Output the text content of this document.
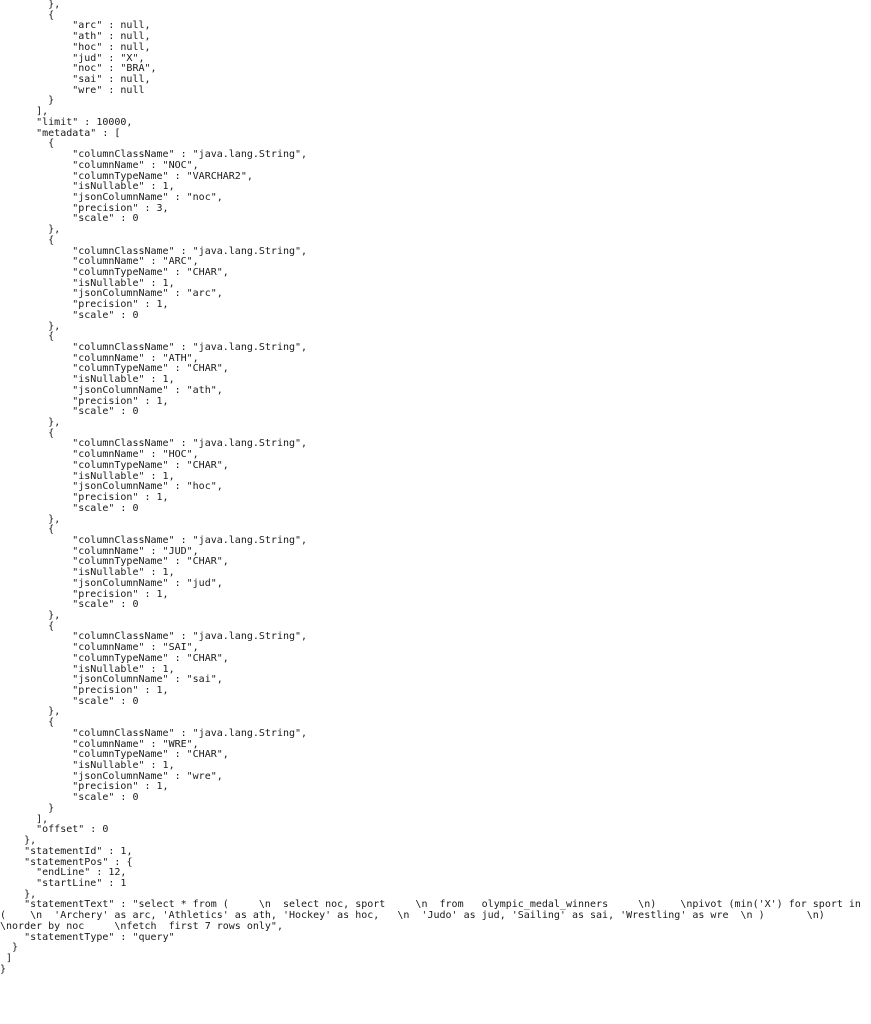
},
{
"arc" : null,
"ath" : null,
"hoc" : null,
"jud" : "X",
"noc" : "BRA",
"sai" : null,
"wre" : null
}
],
"limit" : 10000,
"metadata" : [
{
"columnClassName" : "java.lang.String",
"columnName" : "NOC",
"columnTypeName" : "VARCHAR2",
"isNullable" : 1,
"jsonColumnName" : "noc",
"precision" : 3,
"scale" : 0
},
{
"columnClassName" : "java.lang.String",
"columnName" : "ARC",
"columnTypeName" : "CHAR",
"isNullable" : 1,
"jsonColumnName" : "arc",
"precision" : 1,
"scale" : 0
},
{
"columnClassName" : "java.lang.String",
"columnName" : "ATH",
"columnTypeName" : "CHAR",
"isNullable" : 1,
"jsonColumnName" : "ath",
"precision" : 1,
"scale" : 0
},
{
"columnClassName" : "java.lang.String",
"columnName" : "HOC",
"columnTypeName" : "CHAR",
"isNullable" : 1,
"jsonColumnName" : "hoc",
"precision" : 1,
"scale" : 0
},
{
"columnClassName" : "java.lang.String",
"columnName" : "JUD",
"columnTypeName" : "CHAR",
"isNullable" : 1,
"jsonColumnName" : "jud",
"precision" : 1,
"scale" : 0
},
{
"columnClassName" : "java.lang.String",
"columnName" : "SAI",
"columnTypeName" : "CHAR",
"isNullable" : 1,
"jsonColumnName" : "sai",
"precision" : 1,
"scale" : 0
},
{
"columnClassName" : "java.lang.String",
"columnName" : "WRE",
"columnTypeName" : "CHAR",
"isNullable" : 1,
"jsonColumnName" : "wre",
"precision" : 1,
"scale" : 0
}
],
"offset" : 0
},
"statementId" : 1,
"statementPos" : {
"endLine" : 12,
"startLine" : 1
},
"statementText" : "select * from (     \n  select noc, sport     \n  from   olympic_medal_winners     \n)    \npivot (min('X') for sport in (    \n  'Archery' as arc, 'Athletics' as ath, 'Hockey' as hoc,   \n  'Judo' as jud, 'Sailing' as sai, 'Wrestling' as wre  \n )       \n)     \norder by noc     \nfetch  first 7 rows only",
"statementType" : "query"
}
]
}
